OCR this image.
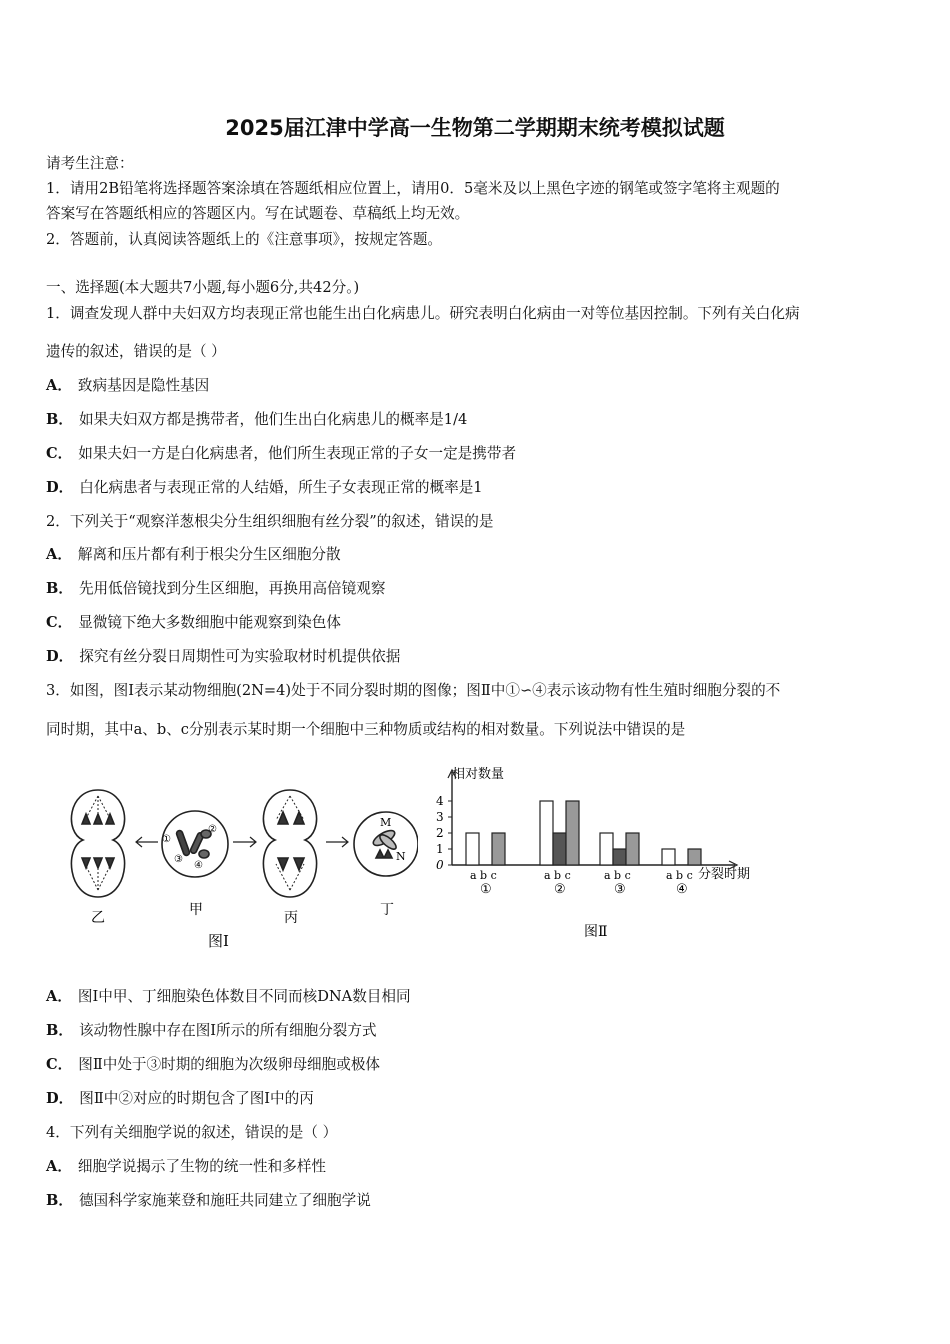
2025届江津中学高一生物第二学期期末统考模拟试题
请考生注意：
1．请用2B铅笔将选择题答案涂填在答题纸相应位置上，请用0．5毫米及以上黑色字迹的钢笔或签字笔将主观题的
答案写在答题纸相应的答题区内。写在试题卷、草稿纸上均无效。
2．答题前，认真阅读答题纸上的《注意事项》，按规定答题。
一、选择题(本大题共7小题,每小题6分,共42分。)
1．调查发现人群中夫妇双方均表现正常也能生出白化病患儿。研究表明白化病由一对等位基因控制。下列有关白化病
遗传的叙述，错误的是（ ）
A． 致病基因是隐性基因
B． 如果夫妇双方都是携带者，他们生出白化病患儿的概率是1/4
C． 如果夫妇一方是白化病患者，他们所生表现正常的子女一定是携带者
D． 白化病患者与表现正常的人结婚，所生子女表现正常的概率是1
2．下列关于“观察洋葱根尖分生组织细胞有丝分裂”的叙述，错误的是
A． 解离和压片都有利于根尖分生区细胞分散
B． 先用低倍镜找到分生区细胞，再换用高倍镜观察
C． 显微镜下绝大多数细胞中能观察到染色体
D． 探究有丝分裂日周期性可为实验取材时机提供依据
3．如图，图Ⅰ表示某动物细胞(2N=4)处于不同分裂时期的图像；图Ⅱ中①∽④表示该动物有性生殖时细胞分裂的不
同时期，其中a、b、c分别表示某时期一个细胞中三种物质或结构的相对数量。下列说法中错误的是
乙
①
②
③
④
甲	丙
M
N
丁
图Ⅰ
相对数量
分裂时期
图Ⅱ
0
1
2
3
4
a b c
①
a b c
②
a b c
③
a b c
④
A． 图Ⅰ中甲、丁细胞染色体数目不同而核DNA数目相同
B． 该动物性腺中存在图Ⅰ所示的所有细胞分裂方式
C． 图Ⅱ中处于③时期的细胞为次级卵母细胞或极体
D． 图Ⅱ中②对应的时期包含了图Ⅰ中的丙
4．下列有关细胞学说的叙述，错误的是（ ）
A． 细胞学说揭示了生物的统一性和多样性
B． 德国科学家施莱登和施旺共同建立了细胞学说
